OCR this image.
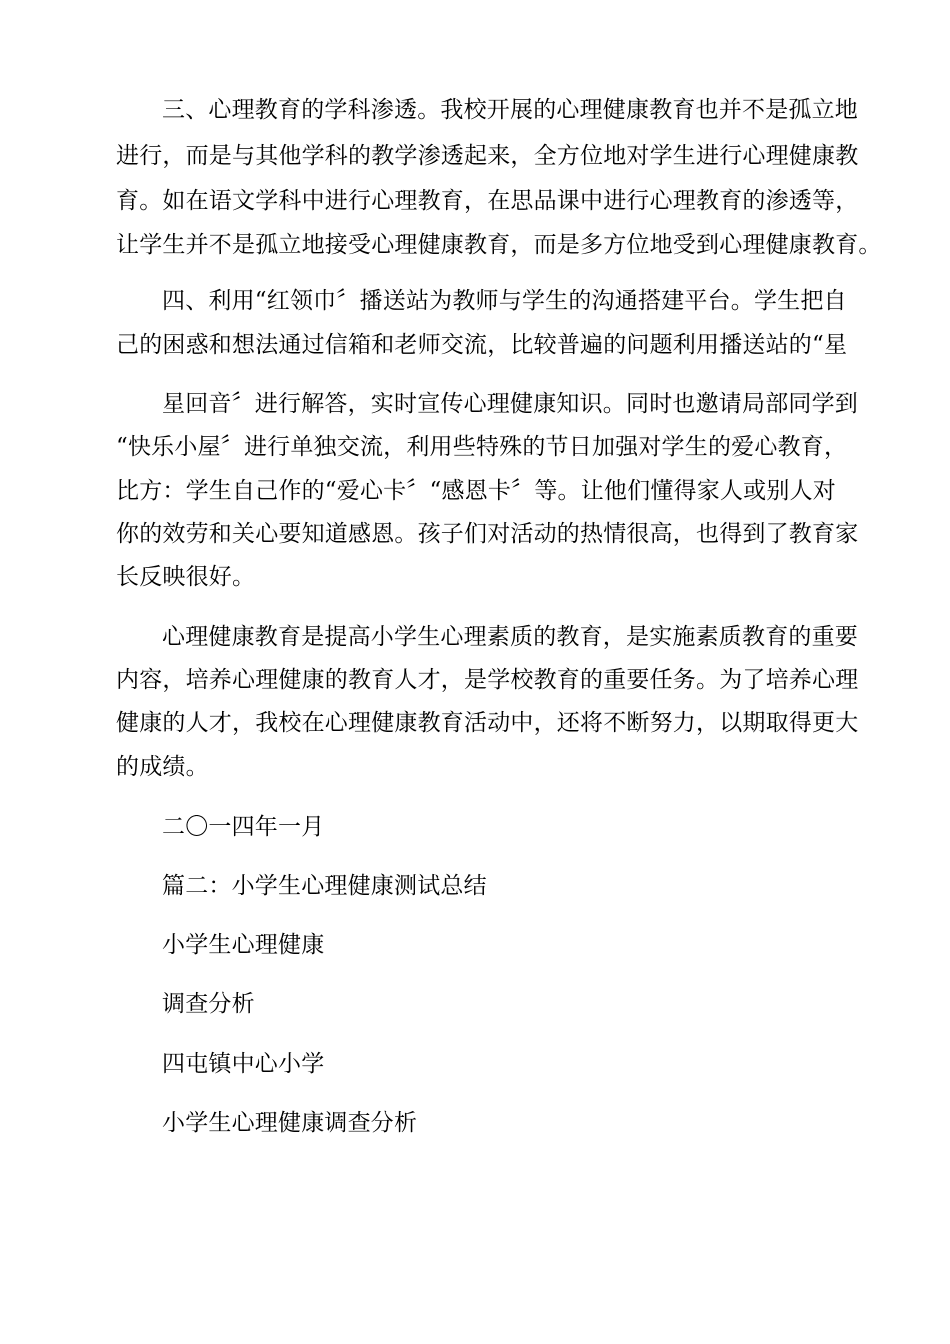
三、心理教育的学科渗透。我校开展的心理健康教育也并不是孤立地
进行，而是与其他学科的教学渗透起来，全方位地对学生进行心理健康教
育。如在语文学科中进行心理教育，在思品课中进行心理教育的渗透等，
让学生并不是孤立地接受心理健康教育，而是多方位地受到心理健康教育。
四、利用“红领巾〞播送站为教师与学生的沟通搭建平台。学生把自
己的困惑和想法通过信箱和老师交流，比较普遍的问题利用播送站的“星
星回音〞进行解答，实时宣传心理健康知识。同时也邀请局部同学到
“快乐小屋〞进行单独交流，利用些特殊的节日加强对学生的爱心教育，
比方：学生自己作的“爱心卡〞“感恩卡〞等。让他们懂得家人或别人对
你的效劳和关心要知道感恩。孩子们对活动的热情很高，也得到了教育家
长反映很好。
心理健康教育是提高小学生心理素质的教育，是实施素质教育的重要
内容，培养心理健康的教育人才，是学校教育的重要任务。为了培养心理
健康的人才，我校在心理健康教育活动中，还将不断努力，以期取得更大
的成绩。
二〇一四年一月
篇二：小学生心理健康测试总结
小学生心理健康
调查分析
四屯镇中心小学
小学生心理健康调查分析
